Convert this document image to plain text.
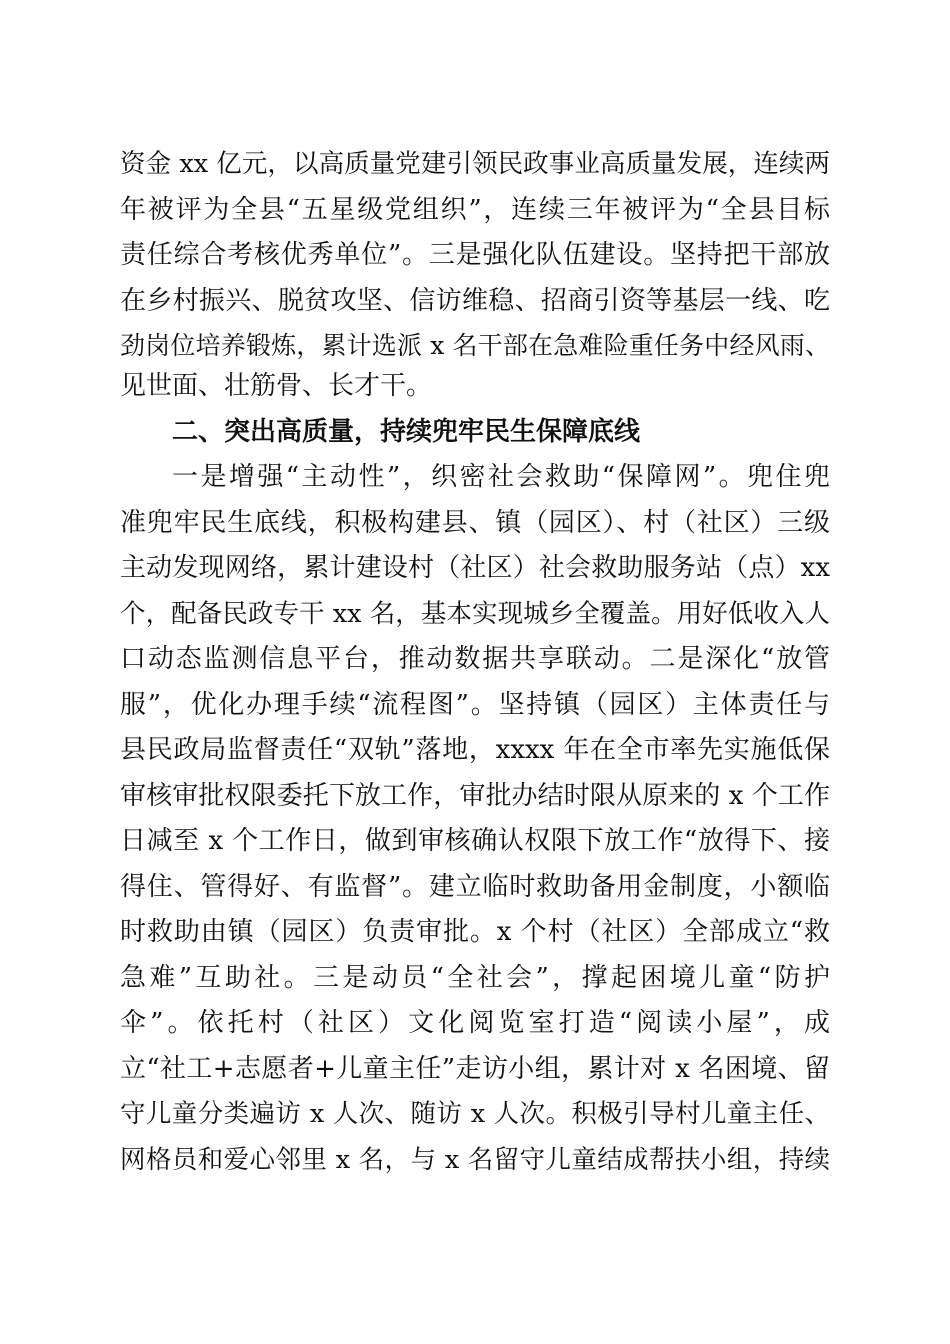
资金 xx 亿元，以高质量党建引领民政事业高质量发展，连续两
年被评为全县“五星级党组织”，连续三年被评为“全县目标
责任综合考核优秀单位”。三是强化队伍建设。坚持把干部放
在乡村振兴、脱贫攻坚、信访维稳、招商引资等基层一线、吃
劲岗位培养锻炼，累计选派 x 名干部在急难险重任务中经风雨、
见世面、壮筋骨、长才干。
二、突出高质量，持续兜牢民生保障底线
一是增强“主动性”，织密社会救助“保障网”。兜住兜
准兜牢民生底线，积极构建县、镇（园区）、村（社区）三级
主动发现网络，累计建设村（社区）社会救助服务站（点）xx
个，配备民政专干 xx 名，基本实现城乡全覆盖。用好低收入人
口动态监测信息平台，推动数据共享联动。二是深化“放管
服”，优化办理手续“流程图”。坚持镇（园区）主体责任与
县民政局监督责任“双轨”落地，xxxx 年在全市率先实施低保
审核审批权限委托下放工作，审批办结时限从原来的 x 个工作
日减至 x 个工作日，做到审核确认权限下放工作“放得下、接
得住、管得好、有监督”。建立临时救助备用金制度，小额临
时救助由镇（园区）负责审批。x 个村（社区）全部成立“救
急难”互助社。三是动员“全社会”，撑起困境儿童“防护
伞”。依托村（社区）文化阅览室打造“阅读小屋”，成
立“社工+志愿者+儿童主任”走访小组，累计对 x 名困境、留
守儿童分类遍访 x 人次、随访 x 人次。积极引导村儿童主任、
网格员和爱心邻里 x 名，与 x 名留守儿童结成帮扶小组，持续
